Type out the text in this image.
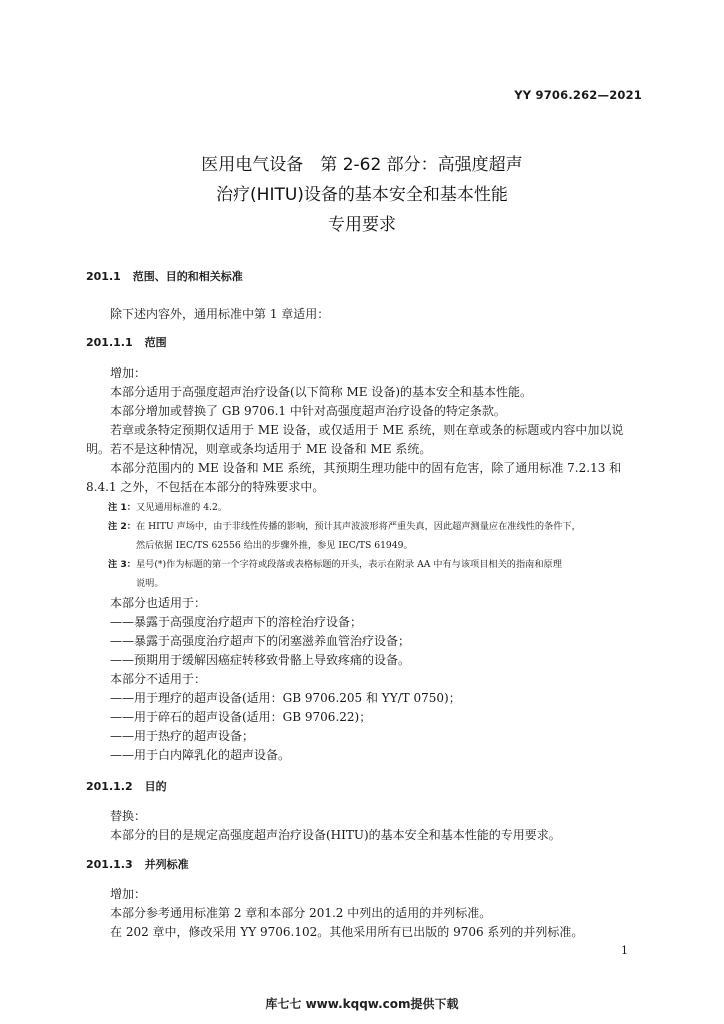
YY 9706.262—2021
医用电气设备　第 2-62 部分：高强度超声
治疗(HITU)设备的基本安全和基本性能
专用要求
201.1 范围、目的和相关标准
除下述内容外，通用标准中第 1 章适用：
201.1.1 范围
增加：
本部分适用于高强度超声治疗设备(以下简称 ME 设备)的基本安全和基本性能。
本部分增加或替换了 GB 9706.1 中针对高强度超声治疗设备的特定条款。
若章或条特定预期仅适用于 ME 设备，或仅适用于 ME 系统，则在章或条的标题或内容中加以说
明。若不是这种情况，则章或条均适用于 ME 设备和 ME 系统。
本部分范围内的 ME 设备和 ME 系统，其预期生理功能中的固有危害，除了通用标准 7.2.13 和
8.4.1 之外，不包括在本部分的特殊要求中。
注 1：又见通用标准的 4.2。
注 2：在 HITU 声场中，由于非线性传播的影响，预计其声波波形将严重失真，因此超声测量应在准线性的条件下，
然后依据 IEC/TS 62556 给出的步骤外推，参见 IEC/TS 61949。
注 3：星号(*)作为标题的第一个字符或段落或表格标题的开头，表示在附录 AA 中有与该项目相关的指南和原理
说明。
本部分也适用于：
——暴露于高强度治疗超声下的溶栓治疗设备；
——暴露于高强度治疗超声下的闭塞滋养血管治疗设备；
——预期用于缓解因癌症转移致骨骼上导致疼痛的设备。
本部分不适用于：
——用于理疗的超声设备(适用：GB 9706.205 和 YY/T 0750)；
——用于碎石的超声设备(适用：GB 9706.22)；
——用于热疗的超声设备；
——用于白内障乳化的超声设备。
201.1.2 目的
替换：
本部分的目的是规定高强度超声治疗设备(HITU)的基本安全和基本性能的专用要求。
201.1.3 并列标准
增加：
本部分参考通用标准第 2 章和本部分 201.2 中列出的适用的并列标准。
在 202 章中，修改采用 YY 9706.102。其他采用所有已出版的 9706 系列的并列标准。
1
库七七 www.kqqw.com提供下载
